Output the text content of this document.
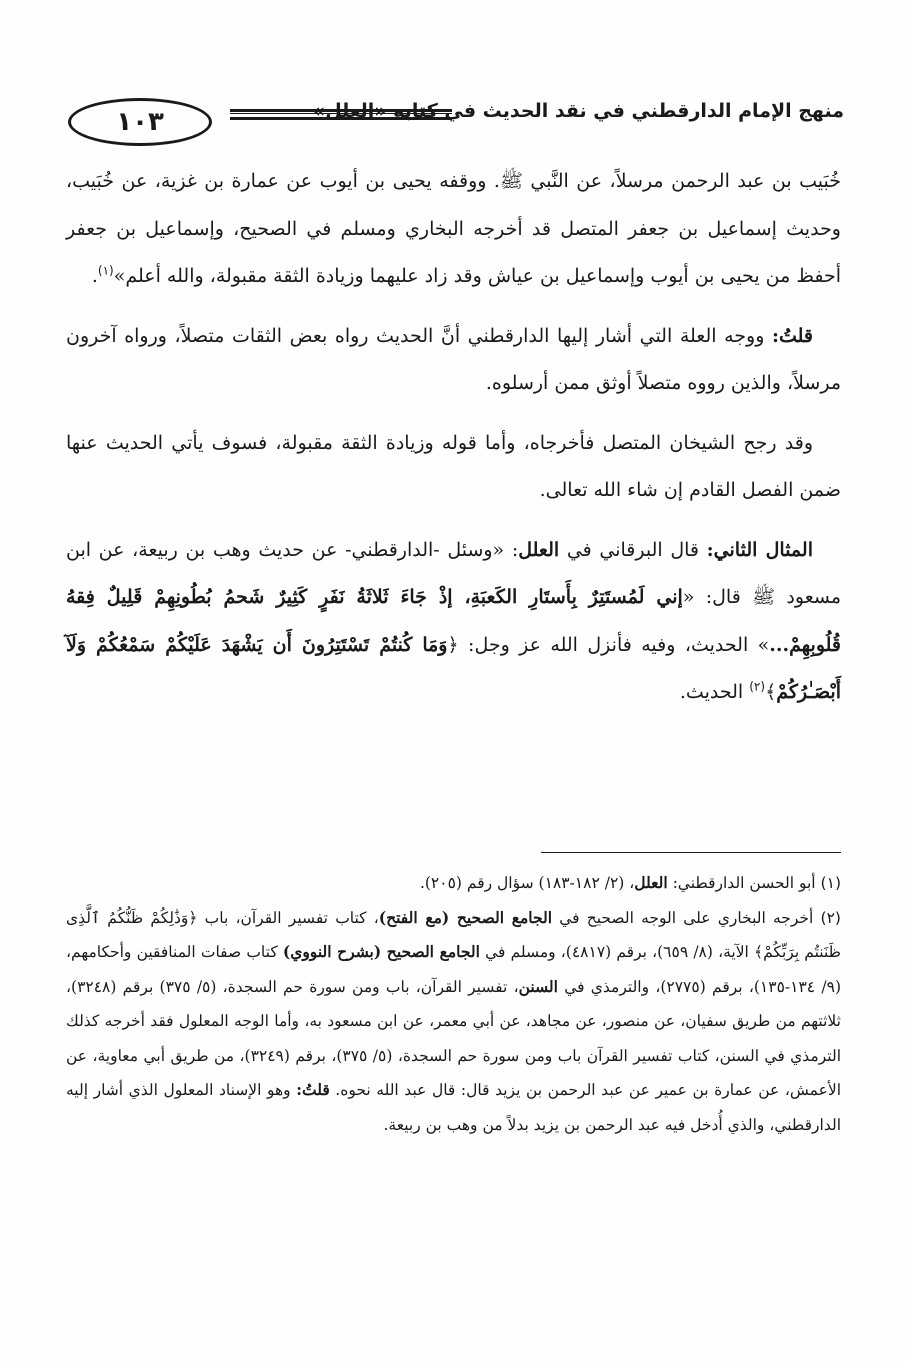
١٠٣	منهج الإمام الدارقطني في نقد الحديث في كتابه «العلل»

خُبَيب بن عبد الرحمن مرسلاً، عن النَّبي ﷺ. ووقفه يحيى بن أيوب عن عمارة بن غزية، عن خُبَيب، وحديث إسماعيل بن جعفر المتصل قد أخرجه البخاري ومسلم في الصحيح، وإسماعيل بن جعفر أحفظ من يحيى بن أيوب وإسماعيل بن عياش وقد زاد عليهما وزيادة الثقة مقبولة، والله أعلم»$^{(١)}$.

قلتُ: ووجه العلة التي أشار إليها الدارقطني أنَّ الحديث رواه بعض الثقات متصلاً، ورواه آخرون مرسلاً، والذين رووه متصلاً أوثق ممن أرسلوه.

وقد رجح الشيخان المتصل فأخرجاه، وأما قوله وزيادة الثقة مقبولة، فسوف يأتي الحديث عنها ضمن الفصل القادم إن شاء الله تعالى.

المثال الثاني: قال البرقاني في العلل: «وسئل -الدارقطني- عن حديث وهب بن ربيعة، عن ابن مسعود ﷺ قال: «إني لَمُستَتِرٌ بِأَستَارِ الكَعبَةِ، إذْ جَاءَ ثَلاثَةُ نَفَرٍ كَثِيرٌ شَحمُ بُطُونِهِمْ قَلِيلٌ فِقهُ قُلُوبِهِمْ...» الحديث، وفيه فأنزل الله عز وجل: ﴿وَمَا كُنتُمْ تَسْتَتِرُونَ أَن يَشْهَدَ عَلَيْكُمْ سَمْعُكُمْ وَلَآ أَبْصَـٰرُكُمْ﴾$^{(٢)}$ الحديث.

(١) أبو الحسن الدارقطني: العلل، (٢/ ١٨٢-١٨٣) سؤال رقم (٢٠٥).

(٢) أخرجه البخاري على الوجه الصحيح في الجامع الصحيح (مع الفتح)، كتاب تفسير القرآن، باب ﴿وَذَٰلِكُمْ ظَنُّكُمُ ٱلَّذِى ظَنَنتُم بِرَبِّكُمْ﴾ الآية، (٨/ ٦٥٩)، برقم (٤٨١٧)، ومسلم في الجامع الصحيح (بشرح النووي) كتاب صفات المنافقين وأحكامهم، (٩/ ١٣٤-١٣٥)، برقم (٢٧٧٥)، والترمذي في السنن، تفسير القرآن، باب ومن سورة حم السجدة، (٥/ ٣٧٥) برقم (٣٢٤٨)، ثلاثتهم من طريق سفيان، عن منصور، عن مجاهد، عن أبي معمر، عن ابن مسعود به، وأما الوجه المعلول فقد أخرجه كذلك الترمذي في السنن، كتاب تفسير القرآن باب ومن سورة حم السجدة، (٥/ ٣٧٥)، برقم (٣٢٤٩)، من طريق أبي معاوية، عن الأعمش، عن عمارة بن عمير عن عبد الرحمن بن يزيد قال: قال عبد الله نحوه. قلتُ: وهو الإسناد المعلول الذي أشار إليه الدارقطني، والذي أُدخل فيه عبد الرحمن بن يزيد بدلاً من وهب بن ربيعة.
